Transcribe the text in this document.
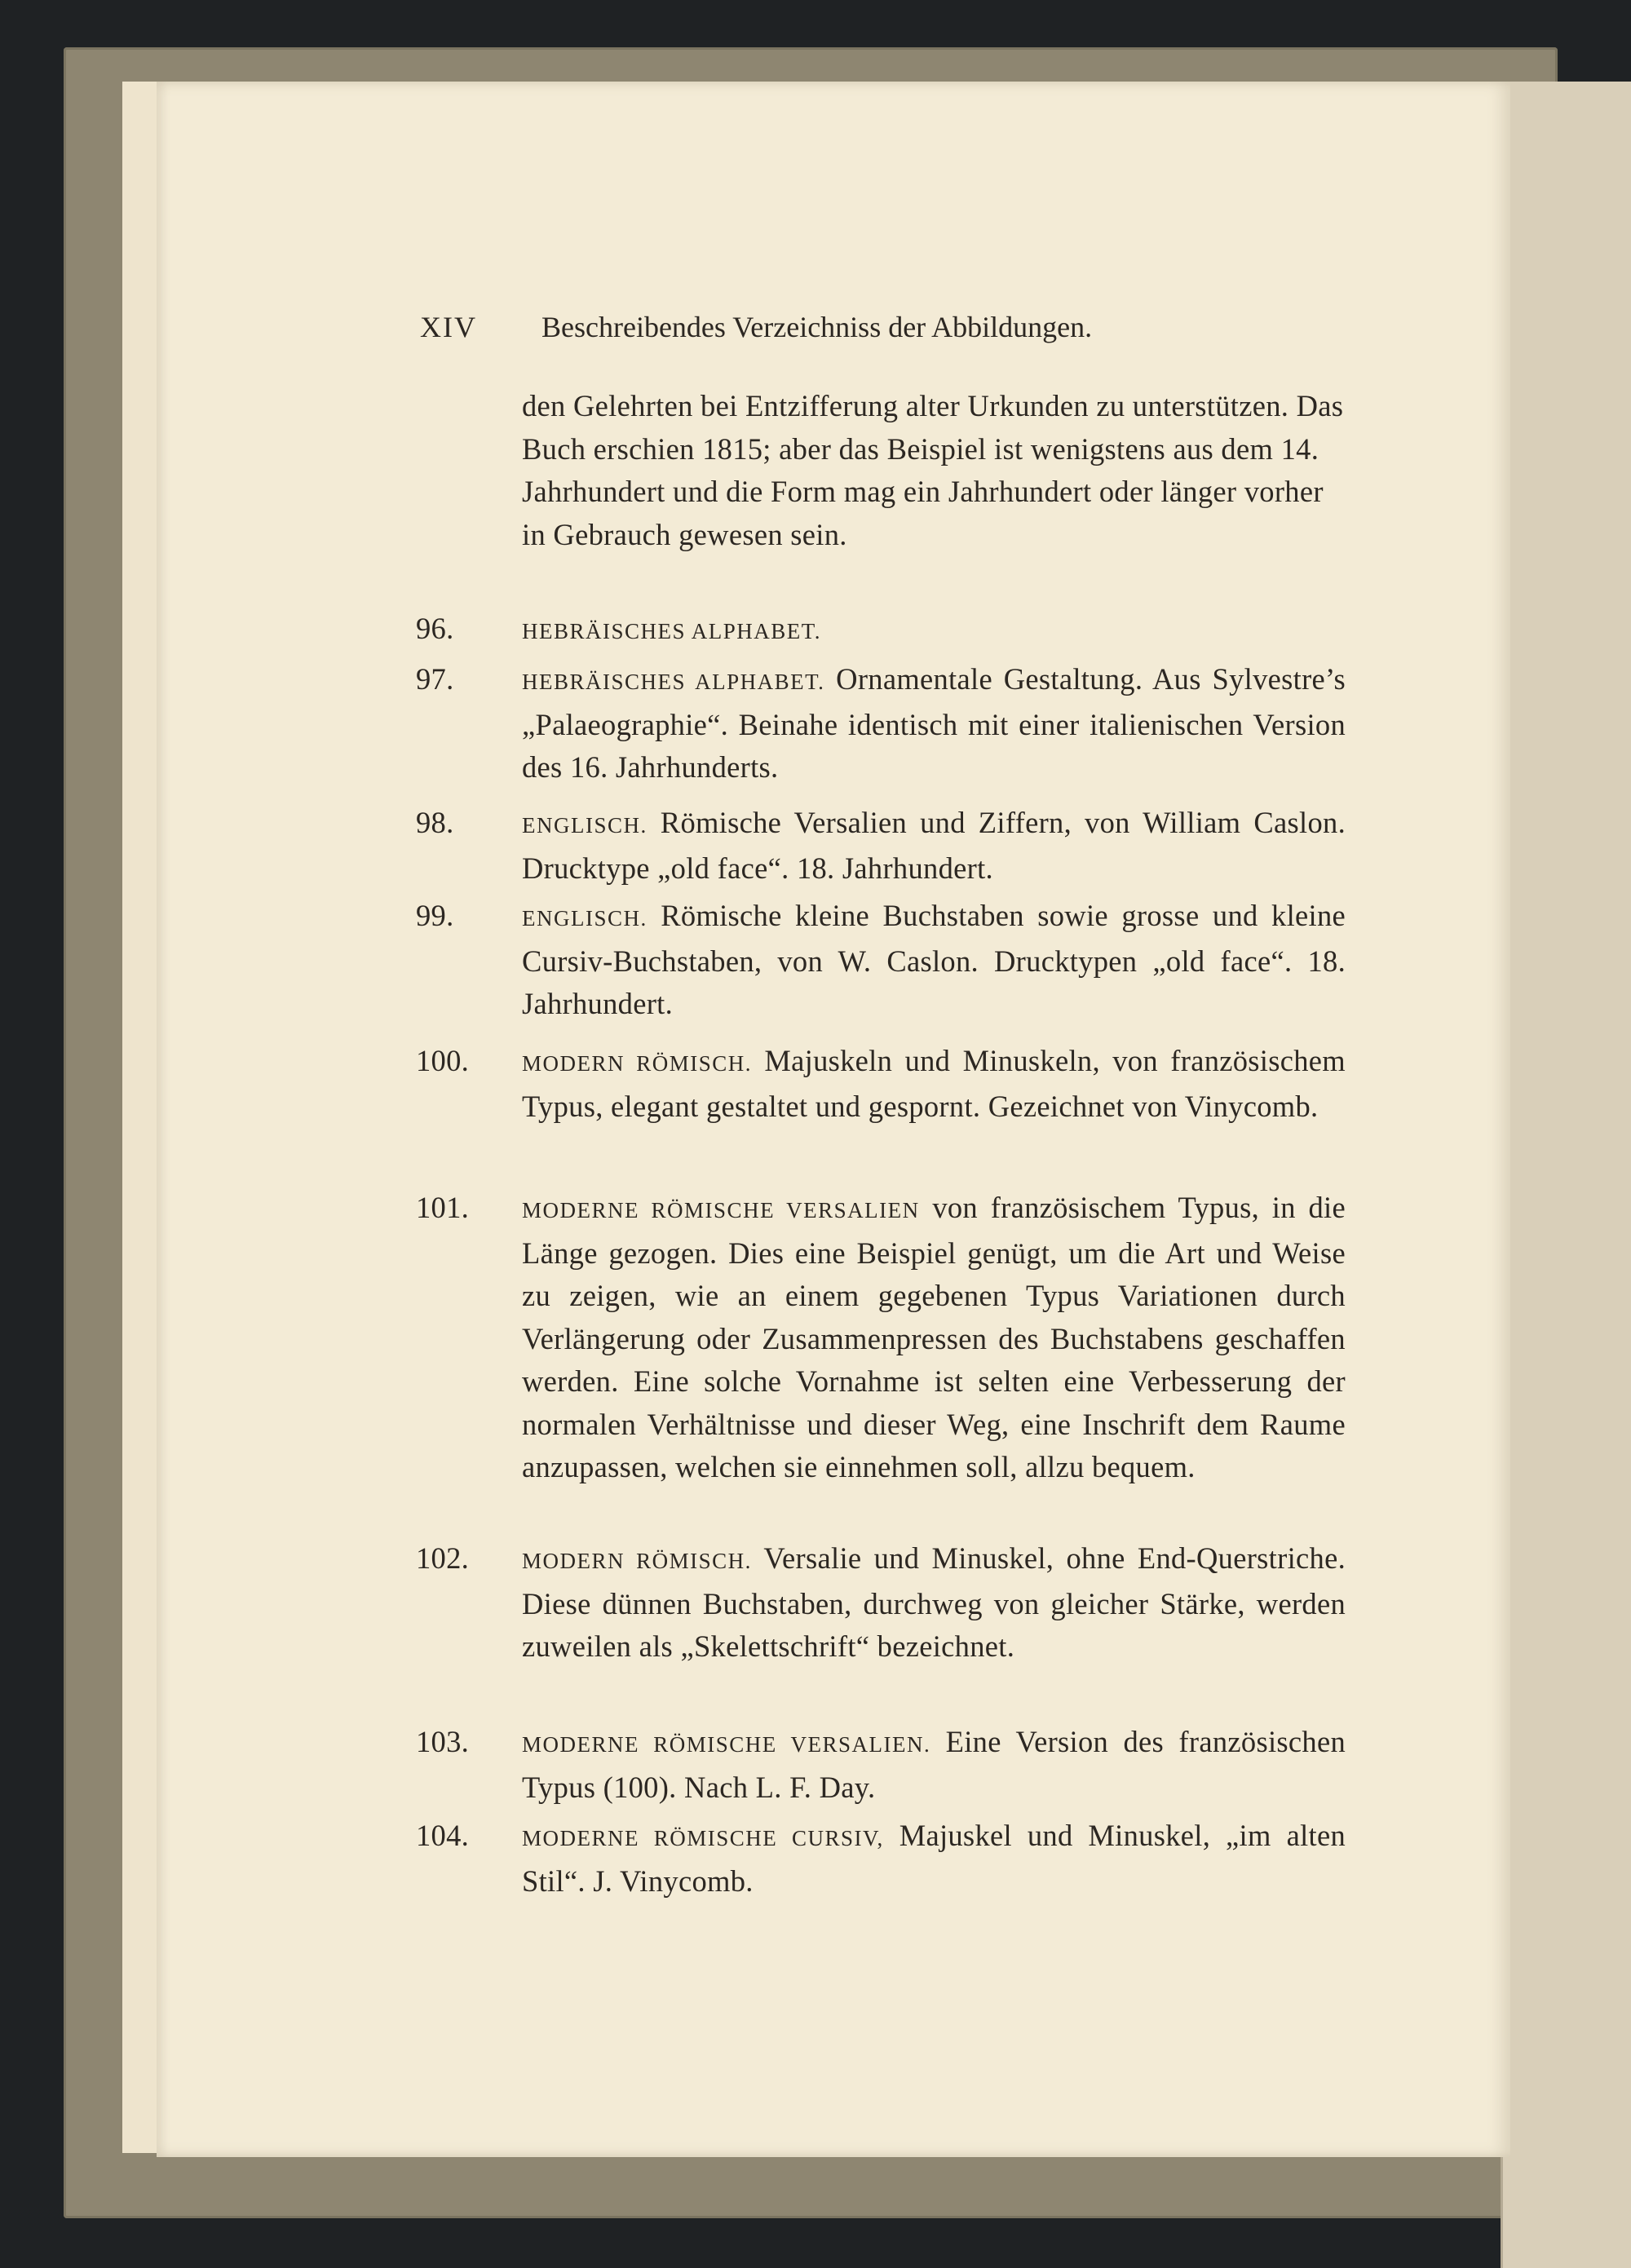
XIV Beschreibendes Verzeichniss der Abbildungen.
den Gelehrten bei Entzifferung alter Urkunden zu unterstützen. Das Buch erschien 1815; aber das Beispiel ist wenigstens aus dem 14. Jahrhundert und die Form mag ein Jahrhundert oder länger vorher in Gebrauch gewesen sein.
96.	HEBRÄISCHES ALPHABET.
97.	HEBRÄISCHES ALPHABET. Ornamentale Gestaltung. Aus Sylvestre’s „Palaeographie“. Beinahe identisch mit einer italienischen Version des 16. Jahrhunderts.
98.	ENGLISCH. Römische Versalien und Ziffern, von William Caslon. Drucktype „old face“. 18. Jahrhundert.
99.	ENGLISCH. Römische kleine Buchstaben sowie grosse und kleine Cursiv-Buchstaben, von W. Caslon. Drucktypen „old face“. 18. Jahrhundert.
100.	MODERN RÖMISCH. Majuskeln und Minuskeln, von französischem Typus, elegant gestaltet und gespornt. Gezeichnet von Vinycomb.
101.	MODERNE RÖMISCHE VERSALIEN von französischem Typus, in die Länge gezogen. Dies eine Beispiel genügt, um die Art und Weise zu zeigen, wie an einem gegebenen Typus Variationen durch Verlängerung oder Zusammenpressen des Buchstabens geschaffen werden. Eine solche Vornahme ist selten eine Verbesserung der normalen Verhältnisse und dieser Weg, eine Inschrift dem Raume anzupassen, welchen sie einnehmen soll, allzu bequem.
102.	MODERN RÖMISCH. Versalie und Minuskel, ohne End-Querstriche. Diese dünnen Buchstaben, durchweg von gleicher Stärke, werden zuweilen als „Skelettschrift“ bezeichnet.
103.	MODERNE RÖMISCHE VERSALIEN. Eine Version des französischen Typus (100). Nach L. F. Day.
104.	MODERNE RÖMISCHE CURSIV, Majuskel und Minuskel, „im alten Stil“. J. Vinycomb.
